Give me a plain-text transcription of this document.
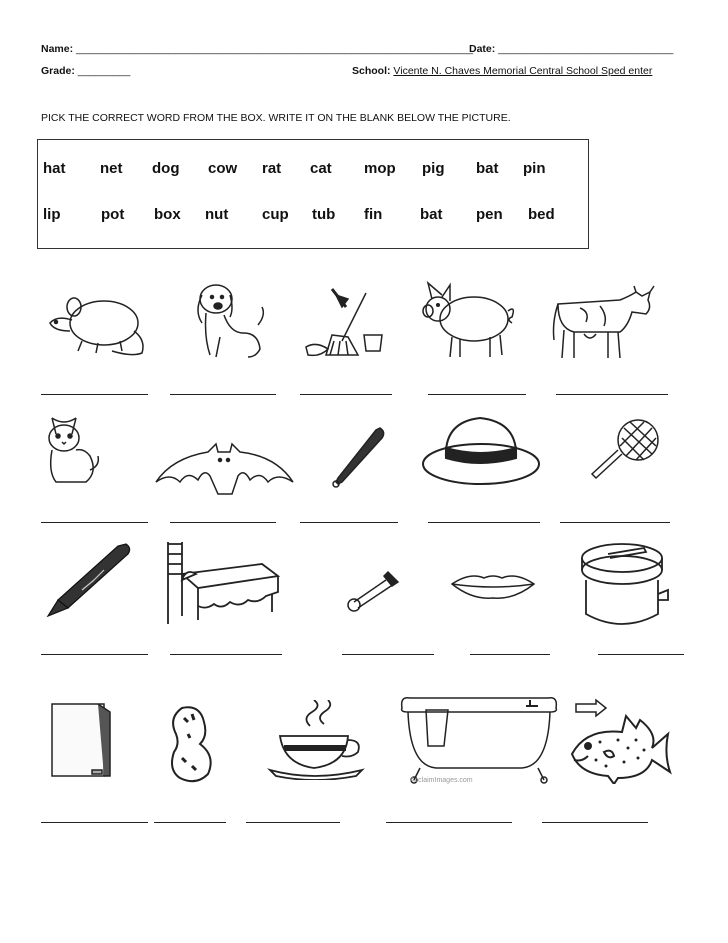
Name: ____________________________________________________________________
Date: ______________________________
Grade: _________	School: Vicente N. Chaves Memorial Central School Sped enter
PICK THE CORRECT WORD FROM THE BOX. WRITE IT ON THE BLANK BELOW THE PICTURE.
hat net dog cow rat cat mop pig bat pin
lip	pot box nut cup tub fin	bat pen bed
AcclaimImages.com
